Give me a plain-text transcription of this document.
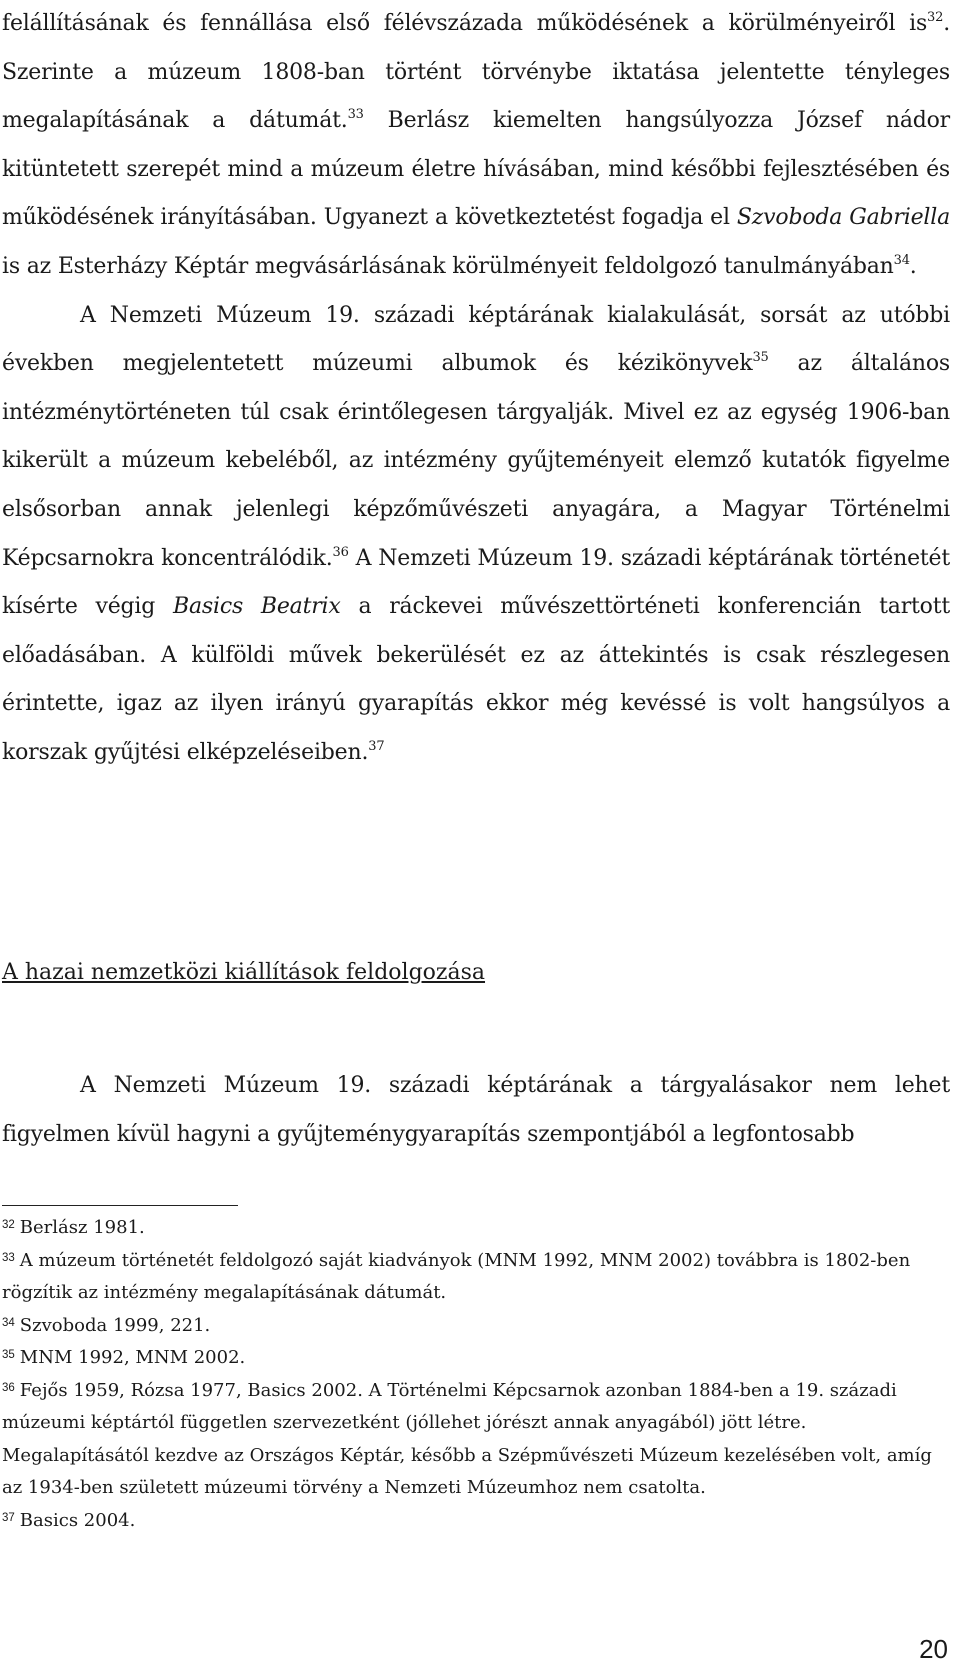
felállításának és fennállása első félévszázada működésének a körülményeiről $is^{32}$. Szerinte a múzeum 1808-ban történt törvénybe iktatása jelentette tényleges megalapításának a dátumát.$^{33}$ Berlász kiemelten hangsúlyozza József nádor kitüntetett szerepét mind a múzeum életre hívásában, mind későbbi fejlesztésében és működésének irányításában. Ugyanezt a következtetést fogadja el Szvoboda Gabriella is az Esterházy Képtár megvásárlásának körülményeit feldolgozó tanulmányában$^{34}$.

A Nemzeti Múzeum 19. századi képtárának kialakulását, sorsát az utóbbi években megjelentetett múzeumi albumok és kézikönyvek$^{35}$ az általános intézménytörténeten túl csak érintőlegesen tárgyalják. Mivel ez az egység 1906-ban kikerült a múzeum kebeléből, az intézmény gyűjteményeit elemző kutatók figyelme elsősorban annak jelenlegi képzőművészeti anyagára, a Magyar Történelmi Képcsarnokra koncentrálódik.$^{36}$ A Nemzeti Múzeum 19. századi képtárának történetét kísérte végig Basics Beatrix a ráckevei művészettörténeti konferencián tartott előadásában. A külföldi művek bekerülését ez az áttekintés is csak részlegesen érintette, igaz az ilyen irányú gyarapítás ekkor még kevéssé is volt hangsúlyos a korszak gyűjtési elképzeléseiben.$^{37}$

A hazai nemzetközi kiállítások feldolgozása

A Nemzeti Múzeum 19. századi képtárának a tárgyalásakor nem lehet figyelmen kívül hagyni a gyűjteménygyarapítás szempontjából a legfontosabb

$^{32}$ Berlász 1981.

$^{33}$ A múzeum történetét feldolgozó saját kiadványok (MNM 1992, MNM 2002) továbbra is 1802-ben rögzítik az intézmény megalapításának dátumát.

$^{34}$ Szvoboda 1999, 221.

$^{35}$ MNM 1992, MNM 2002.

$^{36}$ Fejős 1959, Rózsa 1977, Basics 2002. A Történelmi Képcsarnok azonban 1884-ben a 19. századi múzeumi képtártól független szervezetként (jóllehet jórészt annak anyagából) jött létre. Megalapításától kezdve az Országos Képtár, később a Szépművészeti Múzeum kezelésében volt, amíg az 1934-ben született múzeumi törvény a Nemzeti Múzeumhoz nem csatolta.

$^{37}$ Basics 2004.

20
